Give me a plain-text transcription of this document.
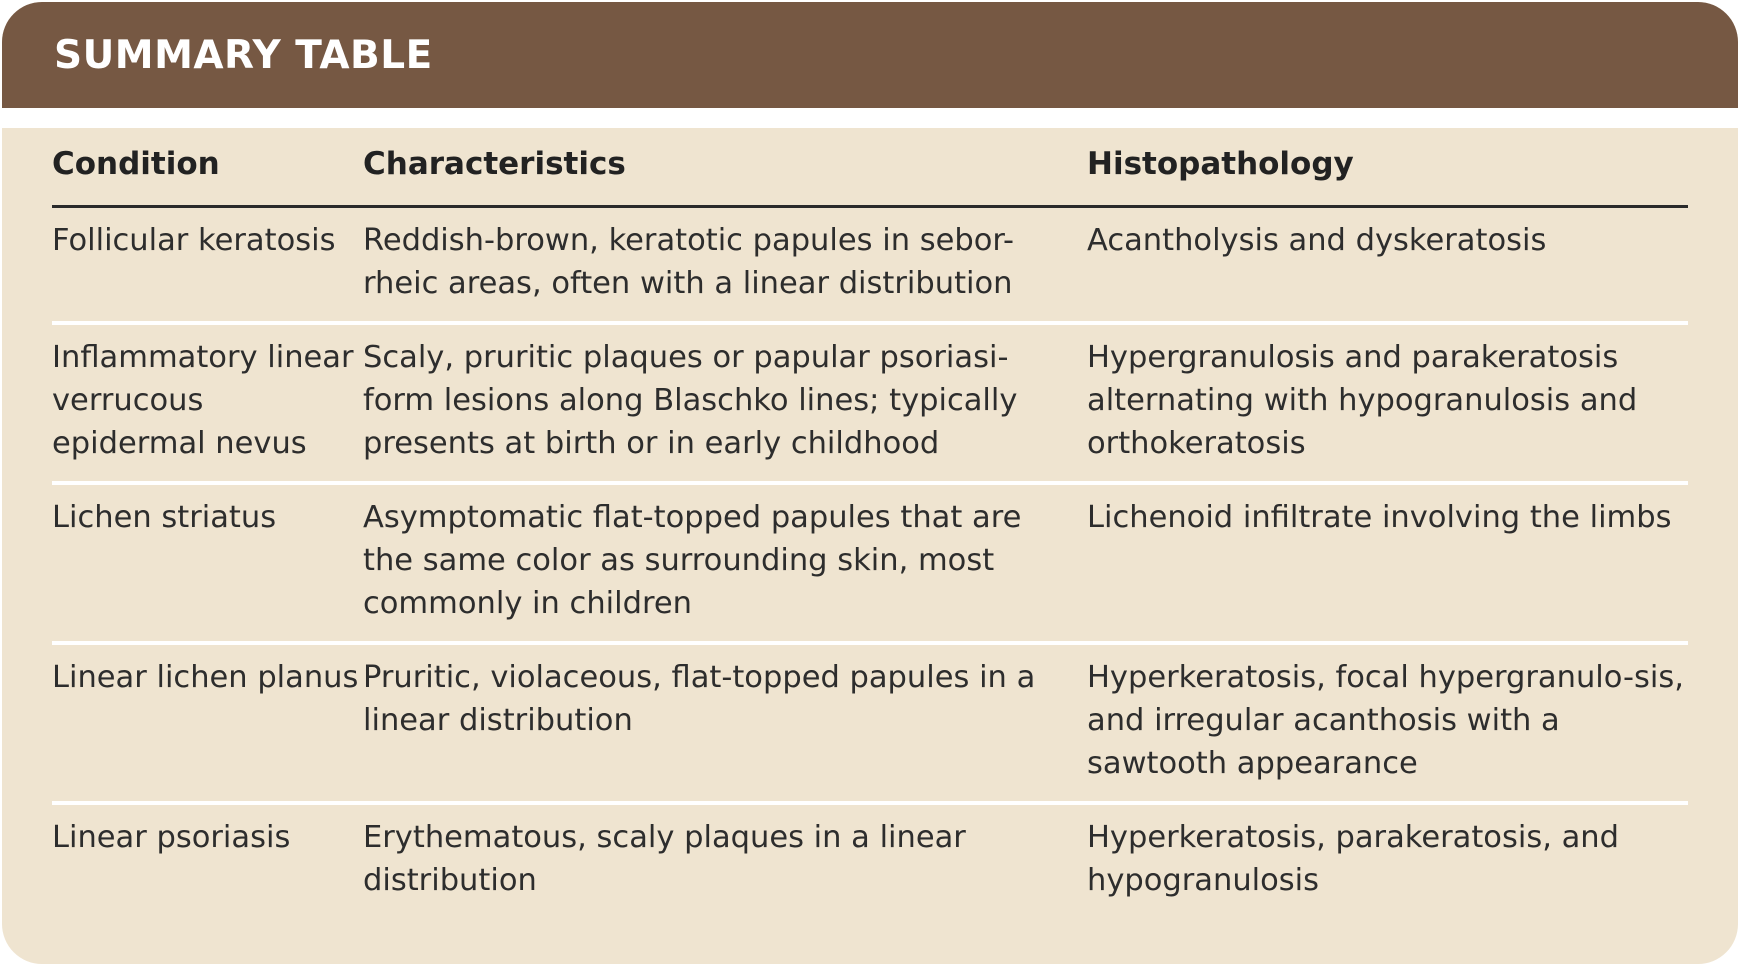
SUMMARY TABLE
Condition	Characteristics	Histopathology
Follicular keratosis	Reddish-brown, keratotic papules in sebor-rheic areas, often with a linear distribution	Acantholysis and dyskeratosis
Inflammatory linear verrucous epidermal nevus	Scaly, pruritic plaques or papular psoriasi-form lesions along Blaschko lines; typically presents at birth or in early childhood	Hypergranulosis and parakeratosis alternating with hypogranulosis and orthokeratosis
Lichen striatus	Asymptomatic flat-topped papules that are the same color as surrounding skin, most commonly in children	Lichenoid infiltrate involving the limbs
Linear lichen planus	Pruritic, violaceous, flat-topped papules in a linear distribution	Hyperkeratosis, focal hypergranulo-sis, and irregular acanthosis with a sawtooth appearance
Linear psoriasis	Erythematous, scaly plaques in a linear distribution	Hyperkeratosis, parakeratosis, and hypogranulosis
